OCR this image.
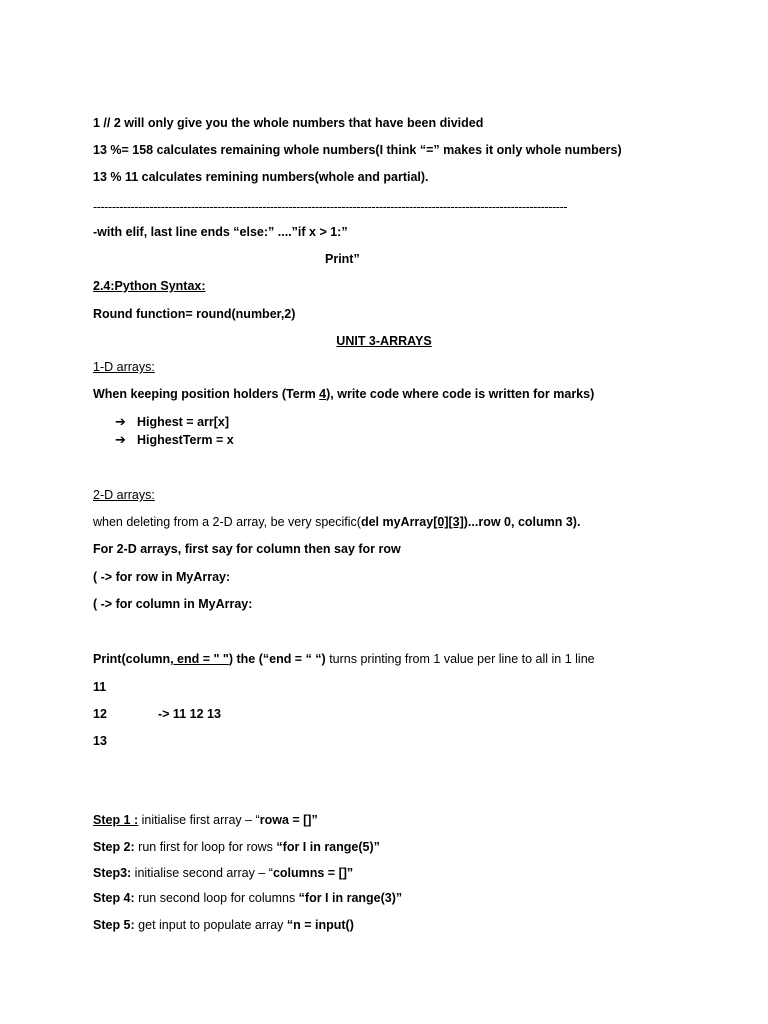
1 // 2 will only give you the whole numbers that have been divided
13 %= 158 calculates remaining whole numbers(I think “=” makes it only whole numbers)
13 % 11 calculates remining numbers(whole and partial).
------------------------------------------------------------------------------------------------------------------------------
-with elif, last line ends “else:” ....”if x > 1:”
Print”
2.4:Python Syntax:
Round function= round(number,2)
UNIT 3-ARRAYS
1-D arrays:
When keeping position holders (Term 4), write code where code is written for marks)
➔ Highest = arr[x]
➔ HighestTerm = x
2-D arrays:
when deleting from a 2-D array, be very specific(del myArray[0][3])...row 0, column 3).
For 2-D arrays, first say for column then say for row
( -> for row in MyArray:
( -> for column in MyArray:
Print(column, end = " ") the (“end = “ “) turns printing from 1 value per line to all in 1 line
11
12	-> 11 12 13
13
Step 1 : initialise first array – “rowa = []”
Step 2: run first for loop for rows “for I in range(5)”
Step3: initialise second array – “columns = []”
Step 4: run second loop for columns “for I in range(3)”
Step 5: get input to populate array “n = input()
